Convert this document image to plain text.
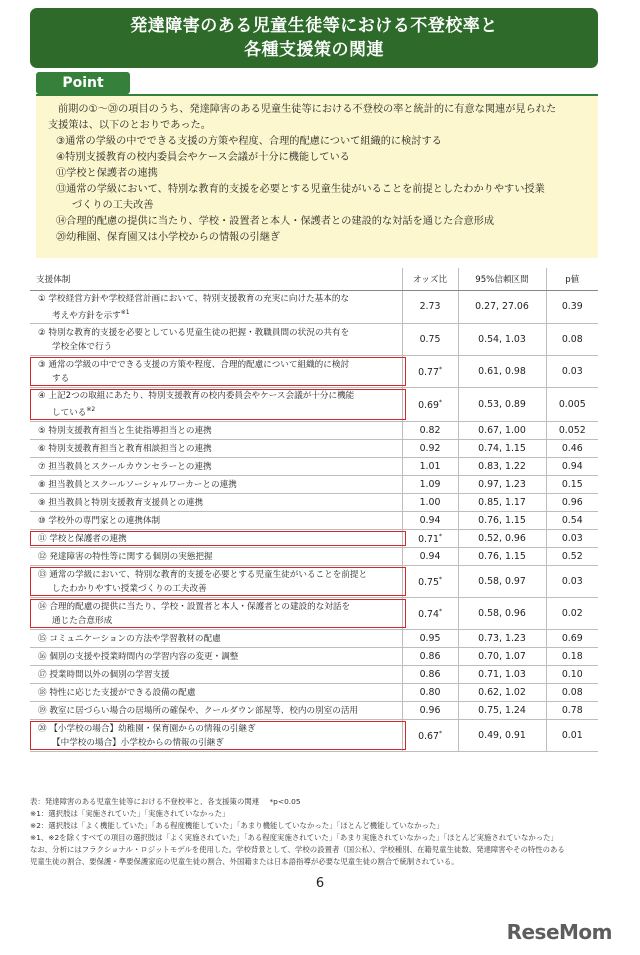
発達障害のある児童生徒等における不登校率と
各種支援策の関連
Point
前期の①～⑳の項目のうち、発達障害のある児童生徒等における不登校の率と統計的に有意な関連が見られた
支援策は、以下のとおりであった。
③通常の学級の中でできる支援の方策や程度、合理的配慮について組織的に検討する
④特別支援教育の校内委員会やケース会議が十分に機能している
⑪学校と保護者の連携
⑬通常の学級において、特別な教育的支援を必要とする児童生徒がいることを前提としたわかりやすい授業
づくりの工夫改善
⑭合理的配慮の提供に当たり、学校・設置者と本人・保護者との建設的な対話を通じた合意形成
⑳幼稚園、保育園又は小学校からの情報の引継ぎ
支援体制	オッズ比	95%信頼区間	p値

① 学校経営方針や学校経営計画において、特別支援教育の充実に向けた基本的な
考えや方針を示す$^{※1}$	2.73	0.27, 27.06	0.39

② 特別な教育的支援を必要としている児童生徒の把握・教職員間の状況の共有を
学校全体で行う	0.75	0.54, 1.03	0.08

③ 通常の学級の中でできる支援の方策や程度、合理的配慮について組織的に検討
する	0.77*	0.61, 0.98	0.03

④ 上記2つの取組にあたり、特別支援教育の校内委員会やケース会議が十分に機能
している$^{※2}$	0.69*	0.53, 0.89	0.005

⑤ 特別支援教育担当と生徒指導担当との連携	0.82	0.67, 1.00	0.052

⑥ 特別支援教育担当と教育相談担当との連携	0.92	0.74, 1.15	0.46

⑦ 担当教員とスクールカウンセラーとの連携	1.01	0.83, 1.22	0.94

⑧ 担当教員とスクールソーシャルワーカーとの連携	1.09	0.97, 1.23	0.15

⑨ 担当教員と特別支援教育支援員との連携	1.00	0.85, 1.17	0.96

⑩ 学校外の専門家との連携体制	0.94	0.76, 1.15	0.54

⑪ 学校と保護者の連携	0.71*	0.52, 0.96	0.03

⑫ 発達障害の特性等に関する個別の実態把握	0.94	0.76, 1.15	0.52

⑬ 通常の学級において、特別な教育的支援を必要とする児童生徒がいることを前提と
したわかりやすい授業づくりの工夫改善	0.75*	0.58, 0.97	0.03

⑭ 合理的配慮の提供に当たり、学校・設置者と本人・保護者との建設的な対話を
通じた合意形成	0.74*	0.58, 0.96	0.02

⑮ コミュニケーションの方法や学習教材の配慮	0.95	0.73, 1.23	0.69

⑯ 個別の支援や授業時間内の学習内容の変更・調整	0.86	0.70, 1.07	0.18

⑰ 授業時間以外の個別の学習支援	0.86	0.71, 1.03	0.10

⑱ 特性に応じた支援ができる設備の配慮	0.80	0.62, 1.02	0.08

⑲ 教室に居づらい場合の居場所の確保や、クールダウン部屋等、校内の別室の活用	0.96	0.75, 1.24	0.78

⑳ 【小学校の場合】幼稚園・保育園からの情報の引継ぎ
【中学校の場合】小学校からの情報の引継ぎ	0.67*	0.49, 0.91	0.01
表：発達障害のある児童生徒等における不登校率と、各支援策の関連 *p<0.05
※1：選択肢は「実施されていた」「実施されていなかった」
※2：選択肢は「よく機能していた」「ある程度機能していた」「あまり機能していなかった」「ほとんど機能していなかった」
※1、※2を除くすべての項目の選択肢は「よく実施されていた」「ある程度実施されていた」「あまり実施されていなかった」「ほとんど実施されていなかった」
なお、分析にはフラクショナル・ロジットモデルを使用した。学校背景として、学校の設置者（国公私）、学校種別、在籍児童生徒数、発達障害やその特性のある
児童生徒の割合、要保護・準要保護家庭の児童生徒の割合、外国籍または日本語指導が必要な児童生徒の割合で統制されている。
6
ReseMom
